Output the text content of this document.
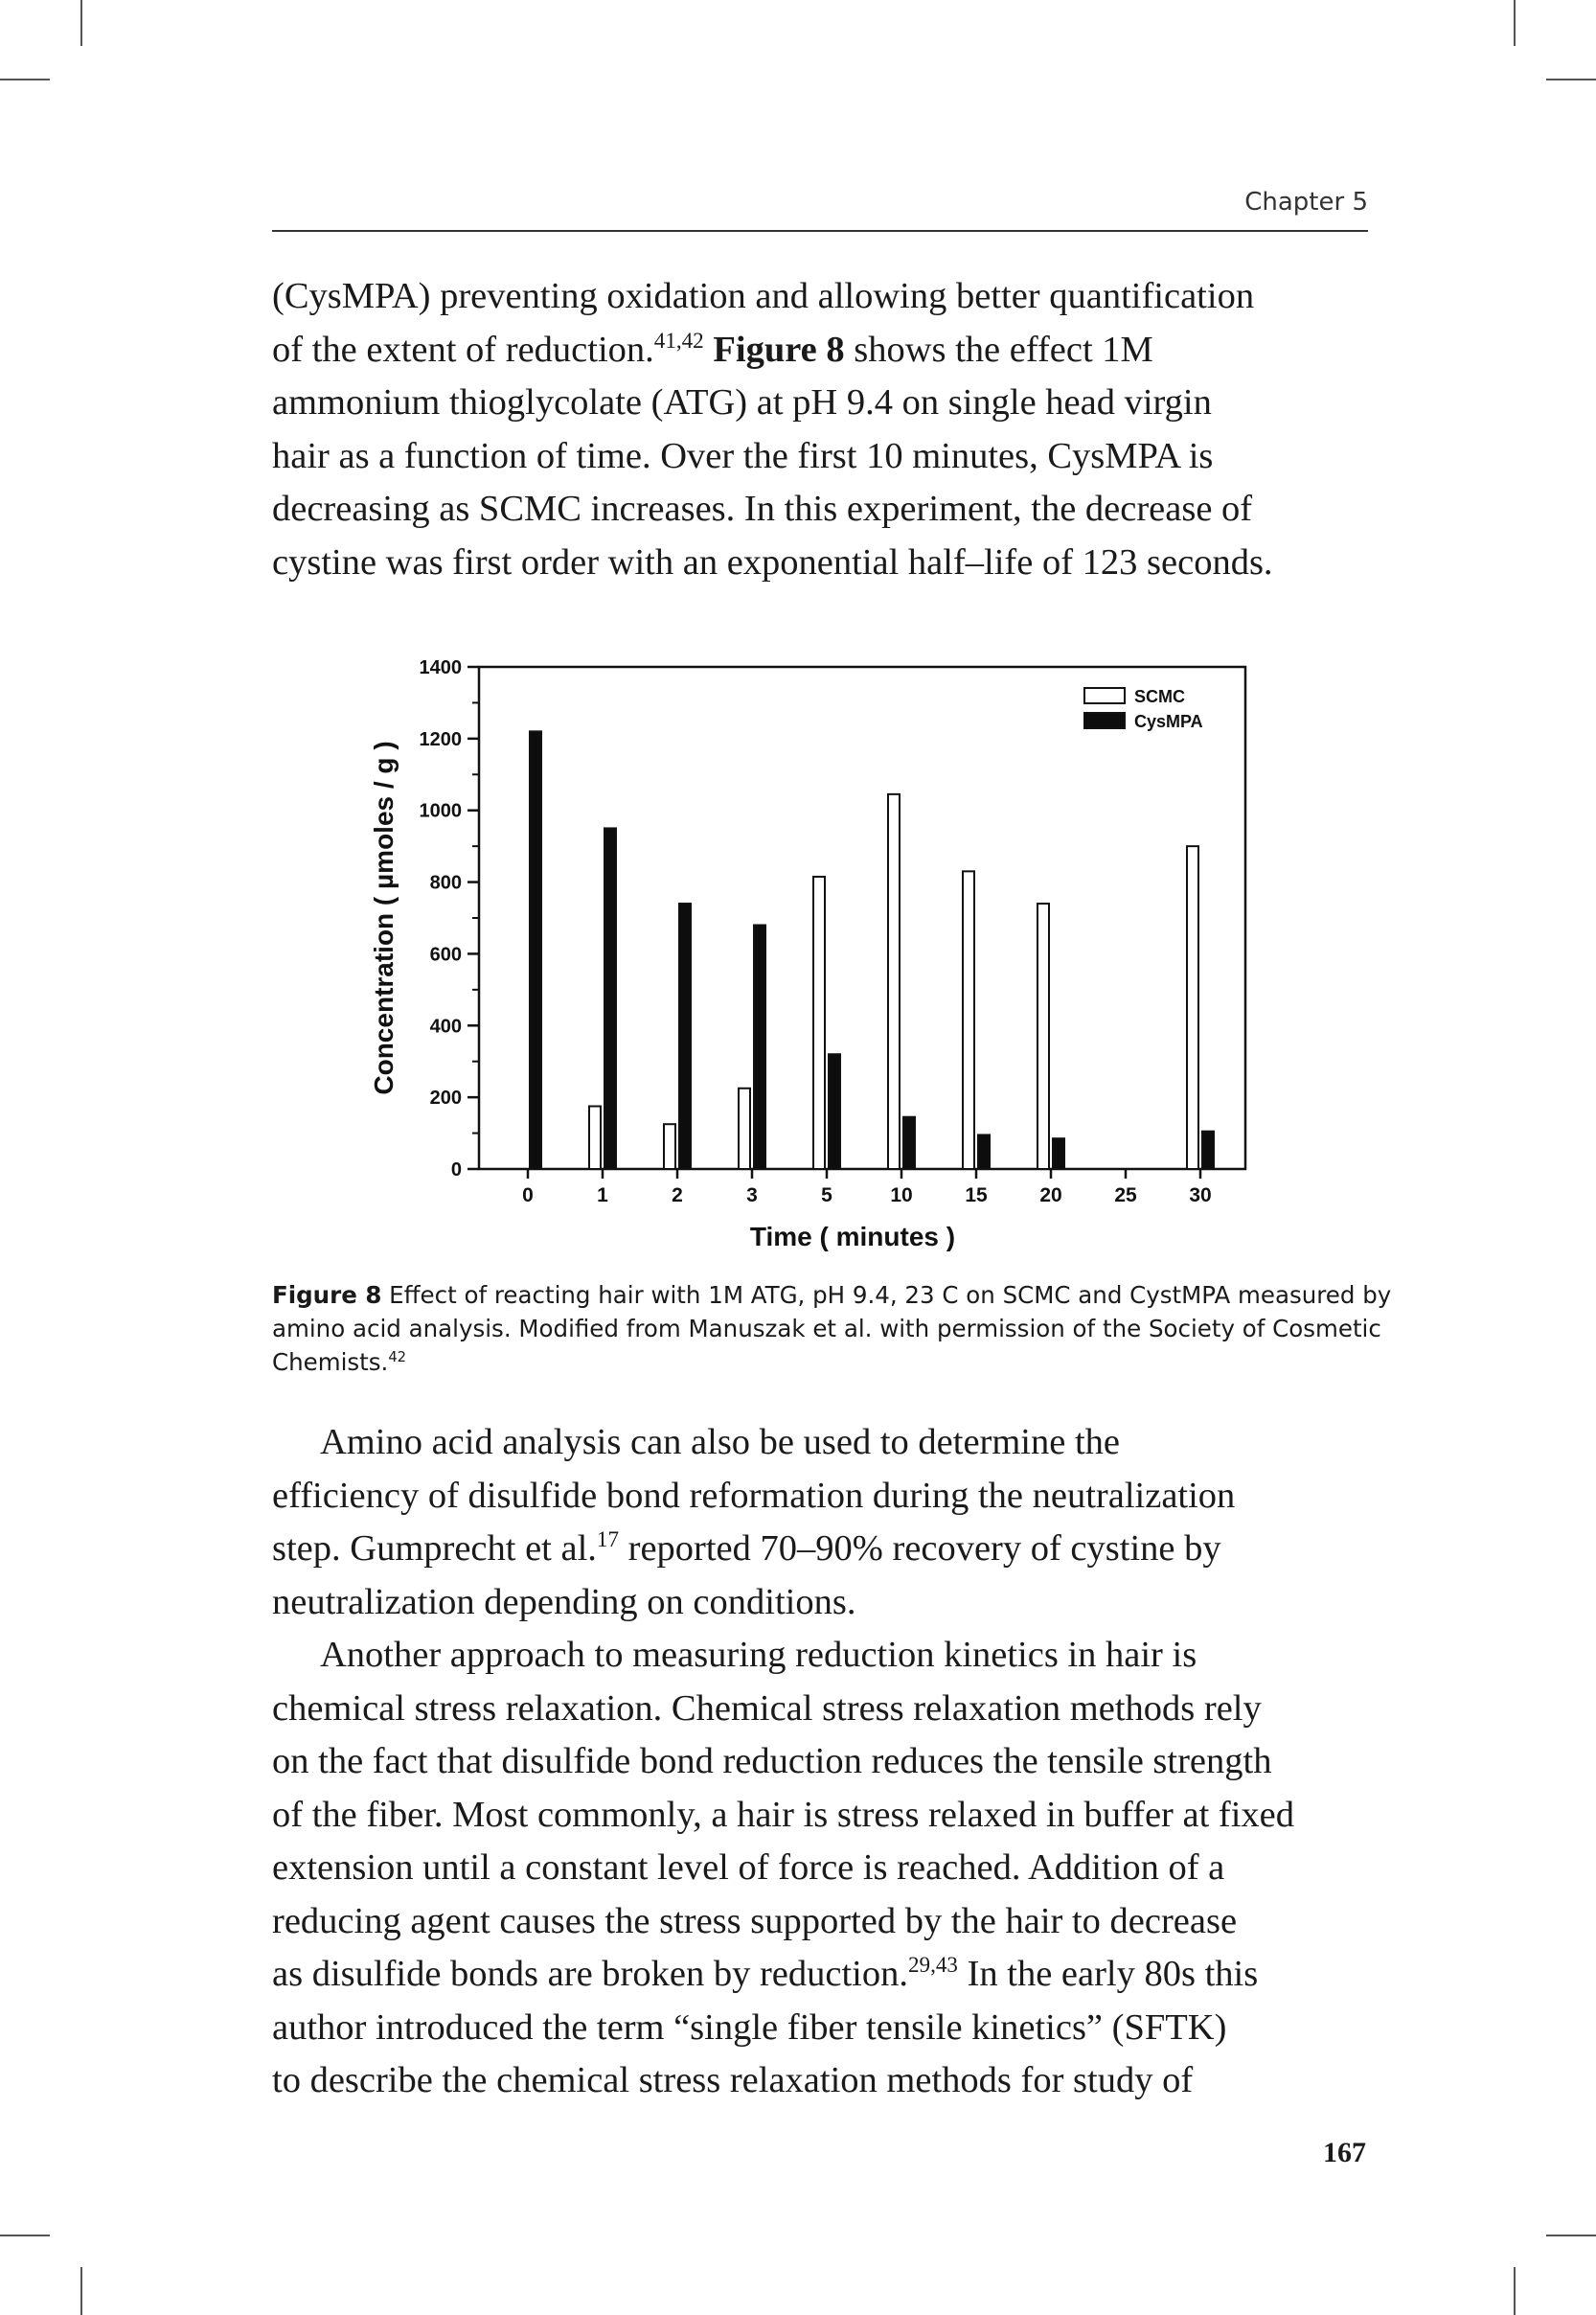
Chapter 5

(CysMPA) preventing oxidation and allowing better quantification
of the extent of reduction.$^{41,42}$ Figure 8 shows the effect 1M
ammonium thioglycolate (ATG) at pH 9.4 on single head virgin
hair as a function of time. Over the first 10 minutes, CysMPA is
decreasing as SCMC increases. In this experiment, the decrease of
cystine was first order with an exponential half–life of 123 seconds.

0
200
400
600
800
1000
1200
1400
0	1	2	3	5	10	15	20	25	30
Time ( minutes )
Concentration ( µmoles / g )
SCMC
CysMPA
Figure 8 Effect of reacting hair with 1M ATG, pH 9.4, 23 C on SCMC and CystMPA measured by
amino acid analysis. Modified from Manuszak et al. with permission of the Society of Cosmetic
Chemists.$^{42}$

Amino acid analysis can also be used to determine the
efficiency of disulfide bond reformation during the neutralization
step. Gumprecht et al.$^{17}$ reported 70–90% recovery of cystine by
neutralization depending on conditions.

Another approach to measuring reduction kinetics in hair is
chemical stress relaxation. Chemical stress relaxation methods rely
on the fact that disulfide bond reduction reduces the tensile strength
of the fiber. Most commonly, a hair is stress relaxed in buffer at fixed
extension until a constant level of force is reached. Addition of a
reducing agent causes the stress supported by the hair to decrease
as disulfide bonds are broken by reduction.$^{29,43}$ In the early 80s this
author introduced the term “single fiber tensile kinetics” (SFTK)
to describe the chemical stress relaxation methods for study of

167
